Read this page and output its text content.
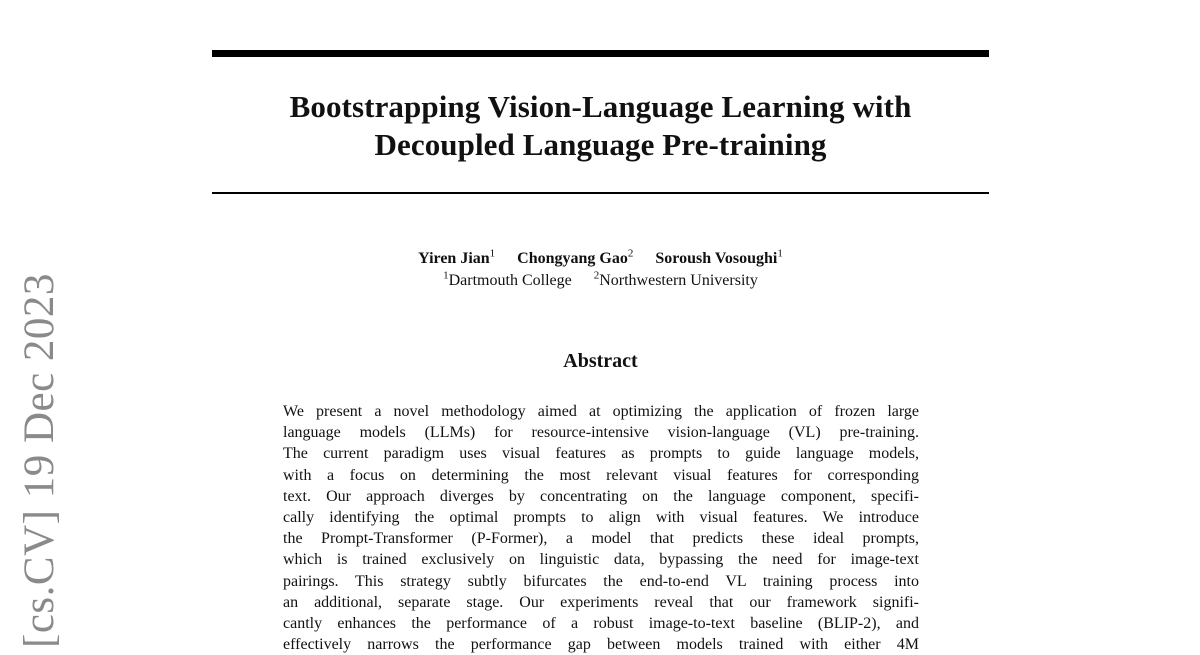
Bootstrapping Vision-Language Learning with
Decoupled Language Pre-training
Yiren Jian$^1$ Chongyang Gao$^2$ Soroush Vosoughi$^1$
$^1$Dartmouth College $^2$Northwestern University
Abstract
We present a novel methodology aimed at optimizing the application of frozen large
language models (LLMs) for resource-intensive vision-language (VL) pre-training.
The current paradigm uses visual features as prompts to guide language models,
with a focus on determining the most relevant visual features for corresponding
text. Our approach diverges by concentrating on the language component, specifi-
cally identifying the optimal prompts to align with visual features. We introduce
the Prompt-Transformer (P-Former), a model that predicts these ideal prompts,
which is trained exclusively on linguistic data, bypassing the need for image-text
pairings. This strategy subtly bifurcates the end-to-end VL training process into
an additional, separate stage. Our experiments reveal that our framework signifi-
cantly enhances the performance of a robust image-to-text baseline (BLIP-2), and
effectively narrows the performance gap between models trained with either 4M
[cs.CV] 19 Dec 2023
